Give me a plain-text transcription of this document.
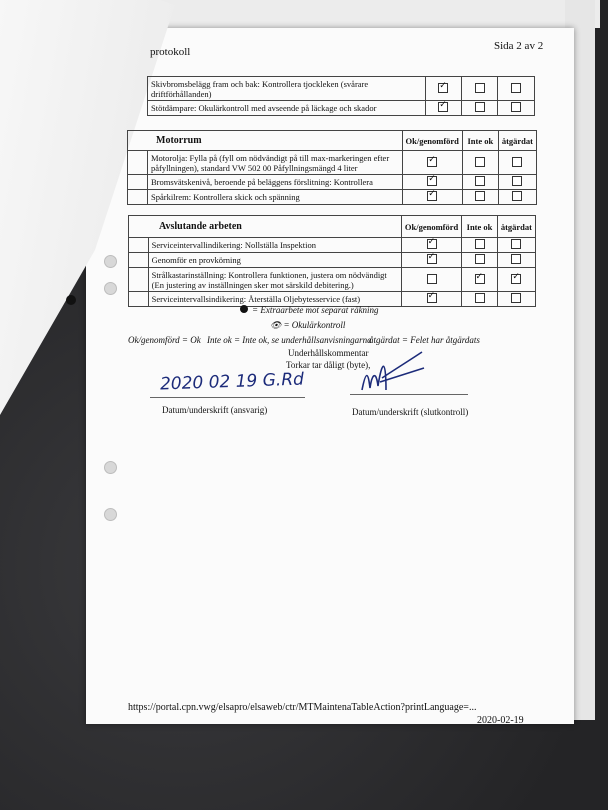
protokoll	Sida 2 av 2
Skivbromsbelägg fram och bak: Kontrollera tjockleken (svårare driftförhållanden)	✓		
Stötdämpare: Okulärkontroll med avseende på läckage och skador	✓		
Motorrum		Ok/genomförd	Inte ok	åtgärdat
	Motorolja: Fylla på (fyll om nödvändigt på till max-markeringen efter påfyllningen), standard VW 502 00 Påfyllningsmängd 4 liter	✓		
	Bromsvätskenivå, beroende på beläggens förslitning: Kontrollera	✓		
	Spårkilrem: Kontrollera skick och spänning	✓		
Avslutande arbeten		Ok/genomförd	Inte ok	åtgärdat
	Serviceintervallindikering: Nollställa Inspektion	✓		
	Genomför en provkörning	✓		
	Strålkastarinställning: Kontrollera funktionen, justera om nödvändigt (En justering av inställningen sker mot särskild debitering.)		✓	✓
	Serviceintervallsindikering: Återställa Oljebytesservice (fast)	✓		
= Extraarbete mot separat räkning
👁 = Okulärkontroll
Ok/genomförd = Ok Inte ok = Inte ok, se underhållsanvisningarna
åtgärdat = Felet har åtgärdats
Underhållskommentar
Torkar tar dåligt (byte),
2020 02 19 G.Rd
Datum/underskrift (ansvarig)	Datum/underskrift (slutkontroll)
https://portal.cpn.vwg/elsapro/elsaweb/ctr/MTMaintenaTableAction?printLanguage=...
2020-02-19
